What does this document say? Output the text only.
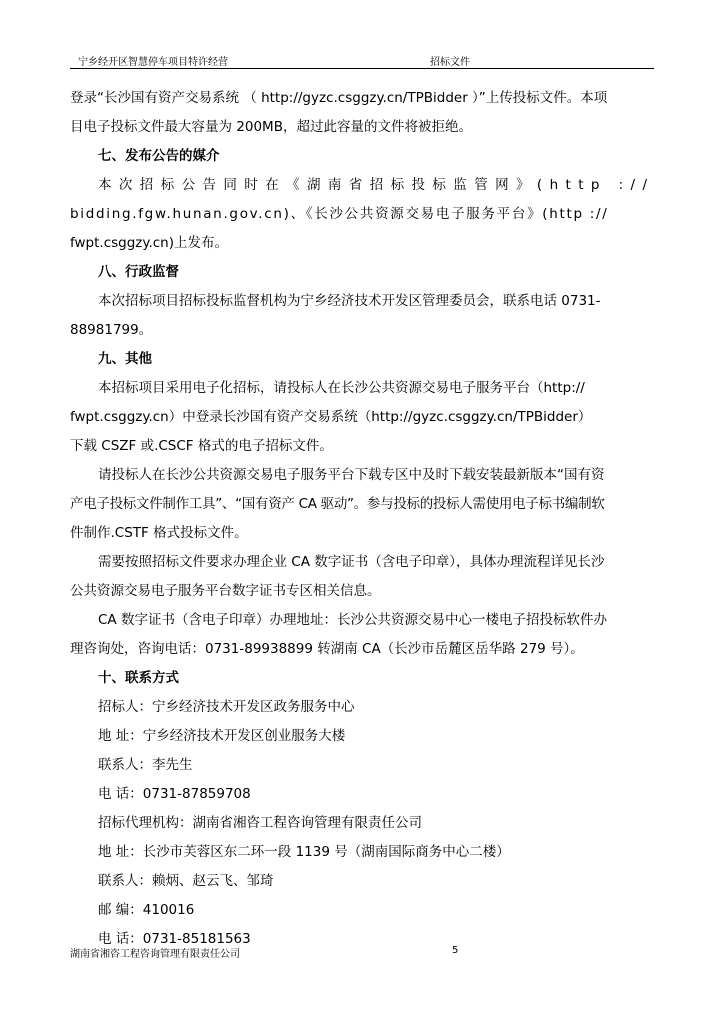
宁乡经开区智慧停车项目特许经营	招标文件
登录“长沙国有资产交易系统 （ http://gyzc.csggzy.cn/TPBidder ）”上传投标文件。本项
目电子投标文件最大容量为 200MB，超过此容量的文件将被拒绝。
七、发布公告的媒介
本次招标公告同时在《湖南省招标投标监管网》(http ://
bidding.fgw.hunan.gov.cn)、《长沙公共资源交易电子服务平台》(http ://
fwpt.csggzy.cn)上发布。
八、行政监督
本次招标项目招标投标监督机构为宁乡经济技术开发区管理委员会，联系电话 0731-
88981799。
九、其他
本招标项目采用电子化招标，请投标人在长沙公共资源交易电子服务平台（http://
fwpt.csggzy.cn）中登录长沙国有资产交易系统（http://gyzc.csggzy.cn/TPBidder）
下载 CSZF 或.CSCF 格式的电子招标文件。
请投标人在长沙公共资源交易电子服务平台下载专区中及时下载安装最新版本“国有资
产电子投标文件制作工具”、“国有资产 CA 驱动”。参与投标的投标人需使用电子标书编制软
件制作.CSTF 格式投标文件。
需要按照招标文件要求办理企业 CA 数字证书（含电子印章），具体办理流程详见长沙
公共资源交易电子服务平台数字证书专区相关信息。
CA 数字证书（含电子印章）办理地址：长沙公共资源交易中心一楼电子招投标软件办
理咨询处，咨询电话：0731-89938899 转湖南 CA（长沙市岳麓区岳华路 279 号）。
十、联系方式
招标人：宁乡经济技术开发区政务服务中心
地 址：宁乡经济技术开发区创业服务大楼
联系人：李先生
电 话：0731-87859708
招标代理机构：湖南省湘咨工程咨询管理有限责任公司
地 址：长沙市芙蓉区东二环一段 1139 号（湖南国际商务中心二楼）
联系人：赖炳、赵云飞、邹琦
邮 编：410016
电 话：0731-85181563
湖南省湘咨工程咨询管理有限责任公司	5
